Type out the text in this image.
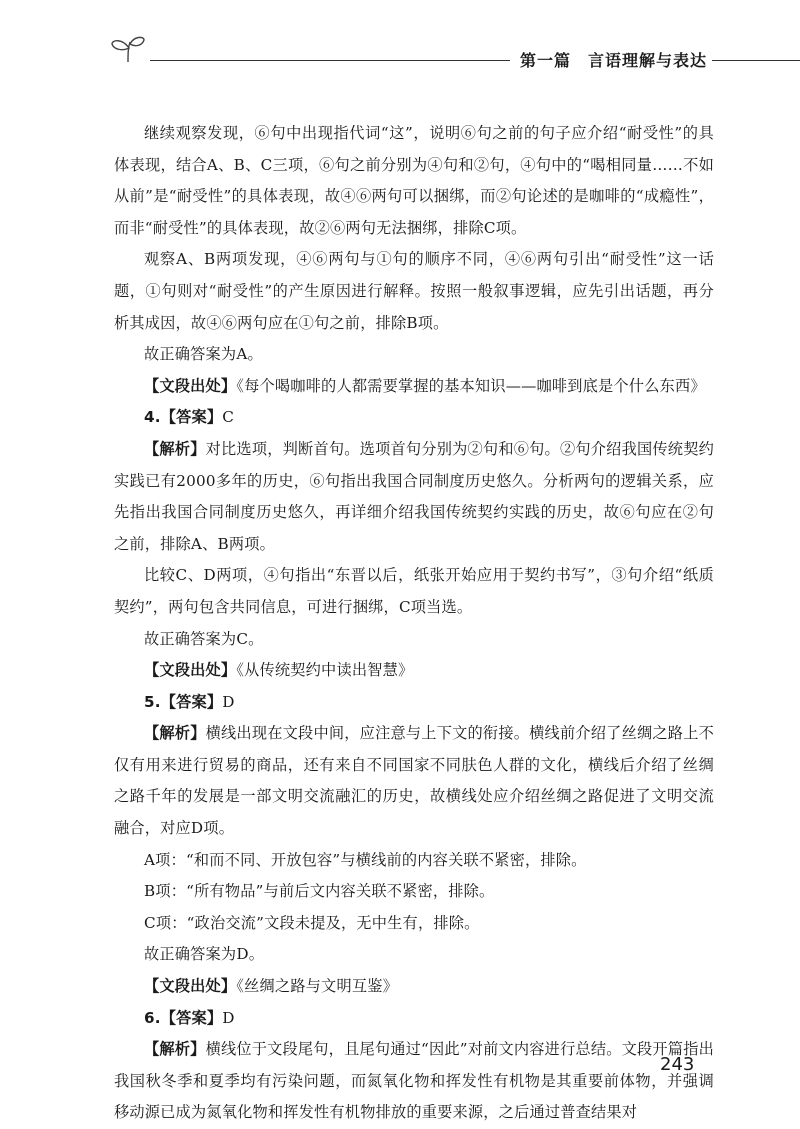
第一篇　言语理解与表达

继续观察发现，⑥句中出现指代词“这”，说明⑥句之前的句子应介绍“耐受性”的具体表现，结合A、B、C三项，⑥句之前分别为④句和②句，④句中的“喝相同量……不如从前”是“耐受性”的具体表现，故④⑥两句可以捆绑，而②句论述的是咖啡的“成瘾性”，而非“耐受性”的具体表现，故②⑥两句无法捆绑，排除C项。

观察A、B两项发现，④⑥两句与①句的顺序不同，④⑥两句引出“耐受性”这一话题，①句则对“耐受性”的产生原因进行解释。按照一般叙事逻辑，应先引出话题，再分析其成因，故④⑥两句应在①句之前，排除B项。

故正确答案为A。

【文段出处】《每个喝咖啡的人都需要掌握的基本知识——咖啡到底是个什么东西》

4.【答案】C

【解析】对比选项，判断首句。选项首句分别为②句和⑥句。②句介绍我国传统契约实践已有2000多年的历史，⑥句指出我国合同制度历史悠久。分析两句的逻辑关系，应先指出我国合同制度历史悠久，再详细介绍我国传统契约实践的历史，故⑥句应在②句之前，排除A、B两项。

比较C、D两项，④句指出“东晋以后，纸张开始应用于契约书写”，③句介绍“纸质契约”，两句包含共同信息，可进行捆绑，C项当选。

故正确答案为C。

【文段出处】《从传统契约中读出智慧》

5.【答案】D

【解析】横线出现在文段中间，应注意与上下文的衔接。横线前介绍了丝绸之路上不仅有用来进行贸易的商品，还有来自不同国家不同肤色人群的文化，横线后介绍了丝绸之路千年的发展是一部文明交流融汇的历史，故横线处应介绍丝绸之路促进了文明交流融合，对应D项。

A项：“和而不同、开放包容”与横线前的内容关联不紧密，排除。

B项：“所有物品”与前后文内容关联不紧密，排除。

C项：“政治交流”文段未提及，无中生有，排除。

故正确答案为D。

【文段出处】《丝绸之路与文明互鉴》

6.【答案】D

【解析】横线位于文段尾句，且尾句通过“因此”对前文内容进行总结。文段开篇指出我国秋冬季和夏季均有污染问题，而氮氧化物和挥发性有机物是其重要前体物，并强调移动源已成为氮氧化物和挥发性有机物排放的重要来源，之后通过普查结果对

243
